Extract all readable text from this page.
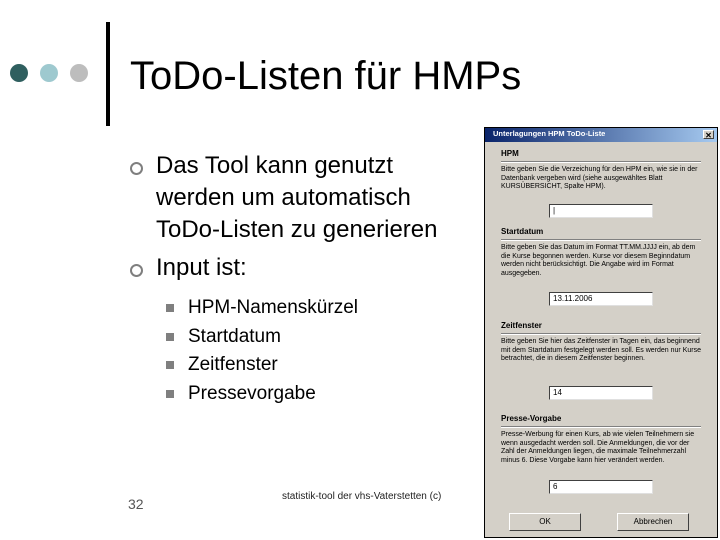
ToDo-Listen für HMPs
Das Tool kann genutzt werden um automatisch ToDo-Listen zu generieren
Input ist:
HPM-Namenskürzel
Startdatum
Zeitfenster
Pressevorgabe
32	statistik-tool der vhs-Vaterstetten (c)
Unterlagungen HPM ToDo-Liste	✕
HPM
Bitte geben Sie die Verzeichung für den HPM ein, wie sie in der Datenbank vergeben wird (siehe ausgewähltes Blatt KURSÜBERSICHT, Spalte HPM).
|
Startdatum
Bitte geben Sie das Datum im Format TT.MM.JJJJ ein, ab dem die Kurse begonnen werden. Kurse vor diesem Beginndatum werden nicht berücksichtigt. Die Angabe wird im Format ausgegeben.
13.11.2006
Zeitfenster
Bitte geben Sie hier das Zeitfenster in Tagen ein, das beginnend mit dem Startdatum festgelegt werden soll. Es werden nur Kurse betrachtet, die in diesem Zeitfenster beginnen.
14
Presse-Vorgabe
Presse-Werbung für einen Kurs, ab wie vielen Teilnehmern sie wenn ausgedacht werden soll. Die Anmeldungen, die vor der Zahl der Anmeldungen liegen, die maximale Teilnehmerzahl minus 6. Diese Vorgabe kann hier verändert werden.
6
OK	Abbrechen
